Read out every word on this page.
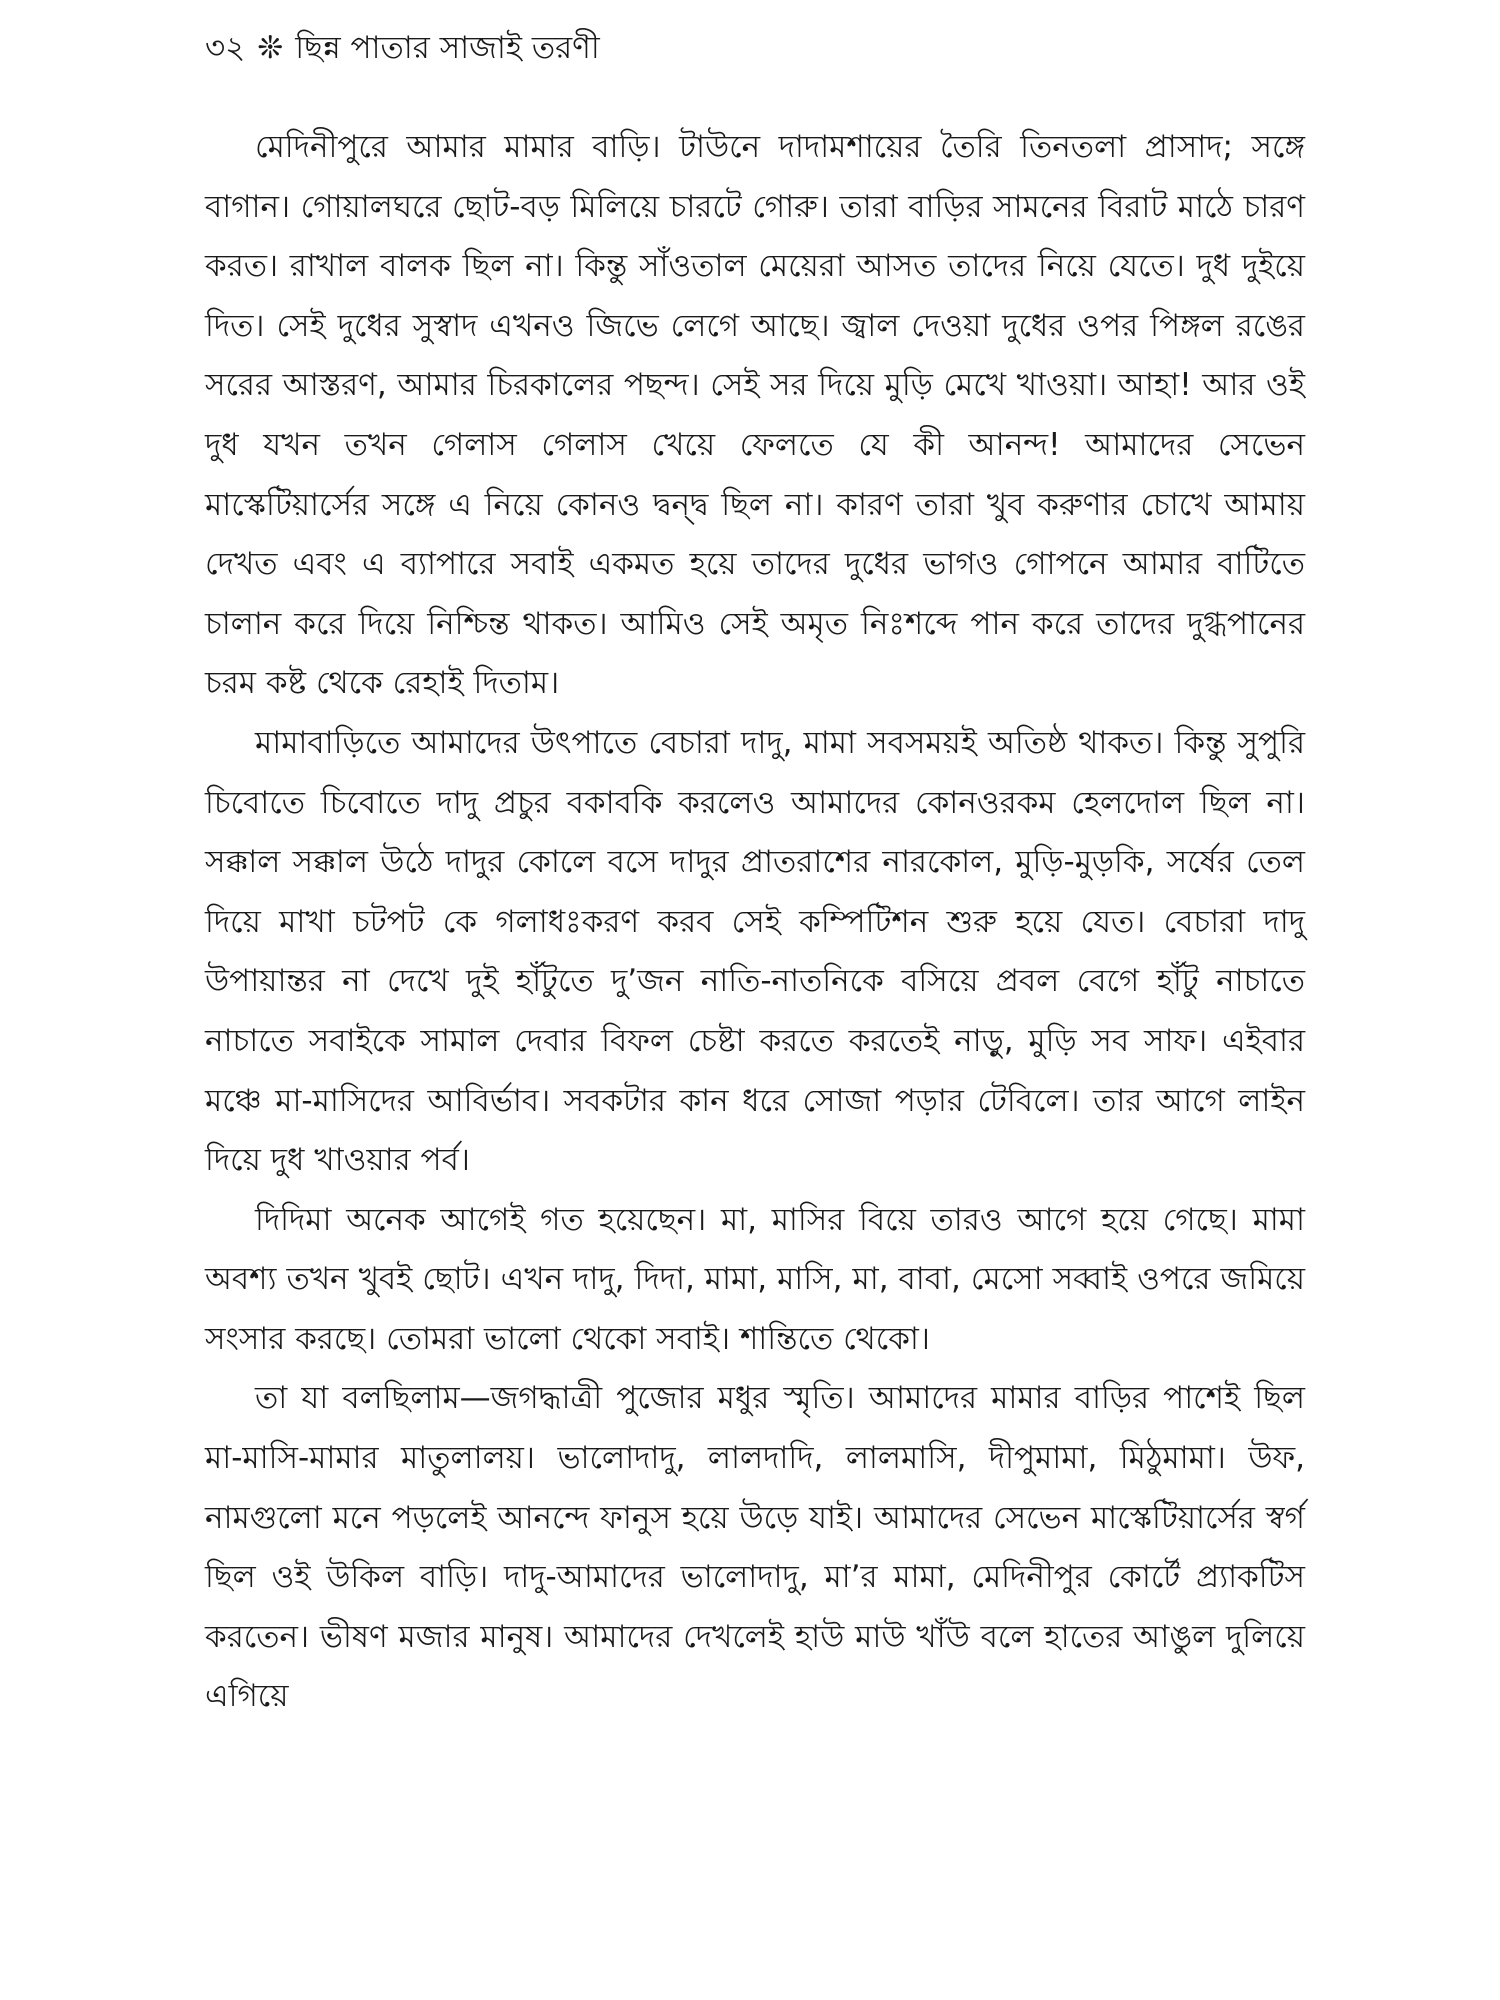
৩২ ❊ ছিন্ন পাতার সাজাই তরণী

মেদিনীপুরে আমার মামার বাড়ি। টাউনে দাদামশায়ের তৈরি তিনতলা প্রাসাদ; সঙ্গে বাগান। গোয়ালঘরে ছোট-বড় মিলিয়ে চারটে গোরু। তারা বাড়ির সামনের বিরাট মাঠে চারণ করত। রাখাল বালক ছিল না। কিন্তু সাঁওতাল মেয়েরা আসত তাদের নিয়ে যেতে। দুধ দুইয়ে দিত। সেই দুধের সুস্বাদ এখনও জিভে লেগে আছে। জ্বাল দেওয়া দুধের ওপর পিঙ্গল রঙের সরের আস্তরণ, আমার চিরকালের পছন্দ। সেই সর দিয়ে মুড়ি মেখে খাওয়া। আহা! আর ওই দুধ যখন তখন গেলাস গেলাস খেয়ে ফেলতে যে কী আনন্দ! আমাদের সেভেন মাস্কেটিয়ার্সের সঙ্গে এ নিয়ে কোনও দ্বন্দ্ব ছিল না। কারণ তারা খুব করুণার চোখে আমায় দেখত এবং এ ব্যাপারে সবাই একমত হয়ে তাদের দুধের ভাগও গোপনে আমার বাটিতে চালান করে দিয়ে নিশ্চিন্ত থাকত। আমিও সেই অমৃত নিঃশব্দে পান করে তাদের দুগ্ধপানের চরম কষ্ট থেকে রেহাই দিতাম।

মামাবাড়িতে আমাদের উৎপাতে বেচারা দাদু, মামা সবসময়ই অতিষ্ঠ থাকত। কিন্তু সুপুরি চিবোতে চিবোতে দাদু প্রচুর বকাবকি করলেও আমাদের কোনওরকম হেলদোল ছিল না। সক্কাল সক্কাল উঠে দাদুর কোলে বসে দাদুর প্রাতরাশের নারকোল, মুড়ি-মুড়কি, সর্ষের তেল দিয়ে মাখা চটপট কে গলাধঃকরণ করব সেই কম্পিটিশন শুরু হয়ে যেত। বেচারা দাদু উপায়ান্তর না দেখে দুই হাঁটুতে দু’জন নাতি-নাতনিকে বসিয়ে প্রবল বেগে হাঁটু নাচাতে নাচাতে সবাইকে সামাল দেবার বিফল চেষ্টা করতে করতেই নাড়ু, মুড়ি সব সাফ। এইবার মঞ্চে মা-মাসিদের আবির্ভাব। সবকটার কান ধরে সোজা পড়ার টেবিলে। তার আগে লাইন দিয়ে দুধ খাওয়ার পর্ব।

দিদিমা অনেক আগেই গত হয়েছেন। মা, মাসির বিয়ে তারও আগে হয়ে গেছে। মামা অবশ্য তখন খুবই ছোট। এখন দাদু, দিদা, মামা, মাসি, মা, বাবা, মেসো সব্বাই ওপরে জমিয়ে সংসার করছে। তোমরা ভালো থেকো সবাই। শান্তিতে থেকো।

তা যা বলছিলাম—জগদ্ধাত্রী পুজোর মধুর স্মৃতি। আমাদের মামার বাড়ির পাশেই ছিল মা-মাসি-মামার মাতুলালয়। ভালোদাদু, লালদাদি, লালমাসি, দীপুমামা, মিঠুমামা। উফ, নামগুলো মনে পড়লেই আনন্দে ফানুস হয়ে উড়ে যাই। আমাদের সেভেন মাস্কেটিয়ার্সের স্বর্গ ছিল ওই উকিল বাড়ি। দাদু-আমাদের ভালোদাদু, মা’র মামা, মেদিনীপুর কোর্টে প্র্যাকটিস করতেন। ভীষণ মজার মানুষ। আমাদের দেখলেই হাউ মাউ খাঁউ বলে হাতের আঙুল দুলিয়ে এগিয়ে
